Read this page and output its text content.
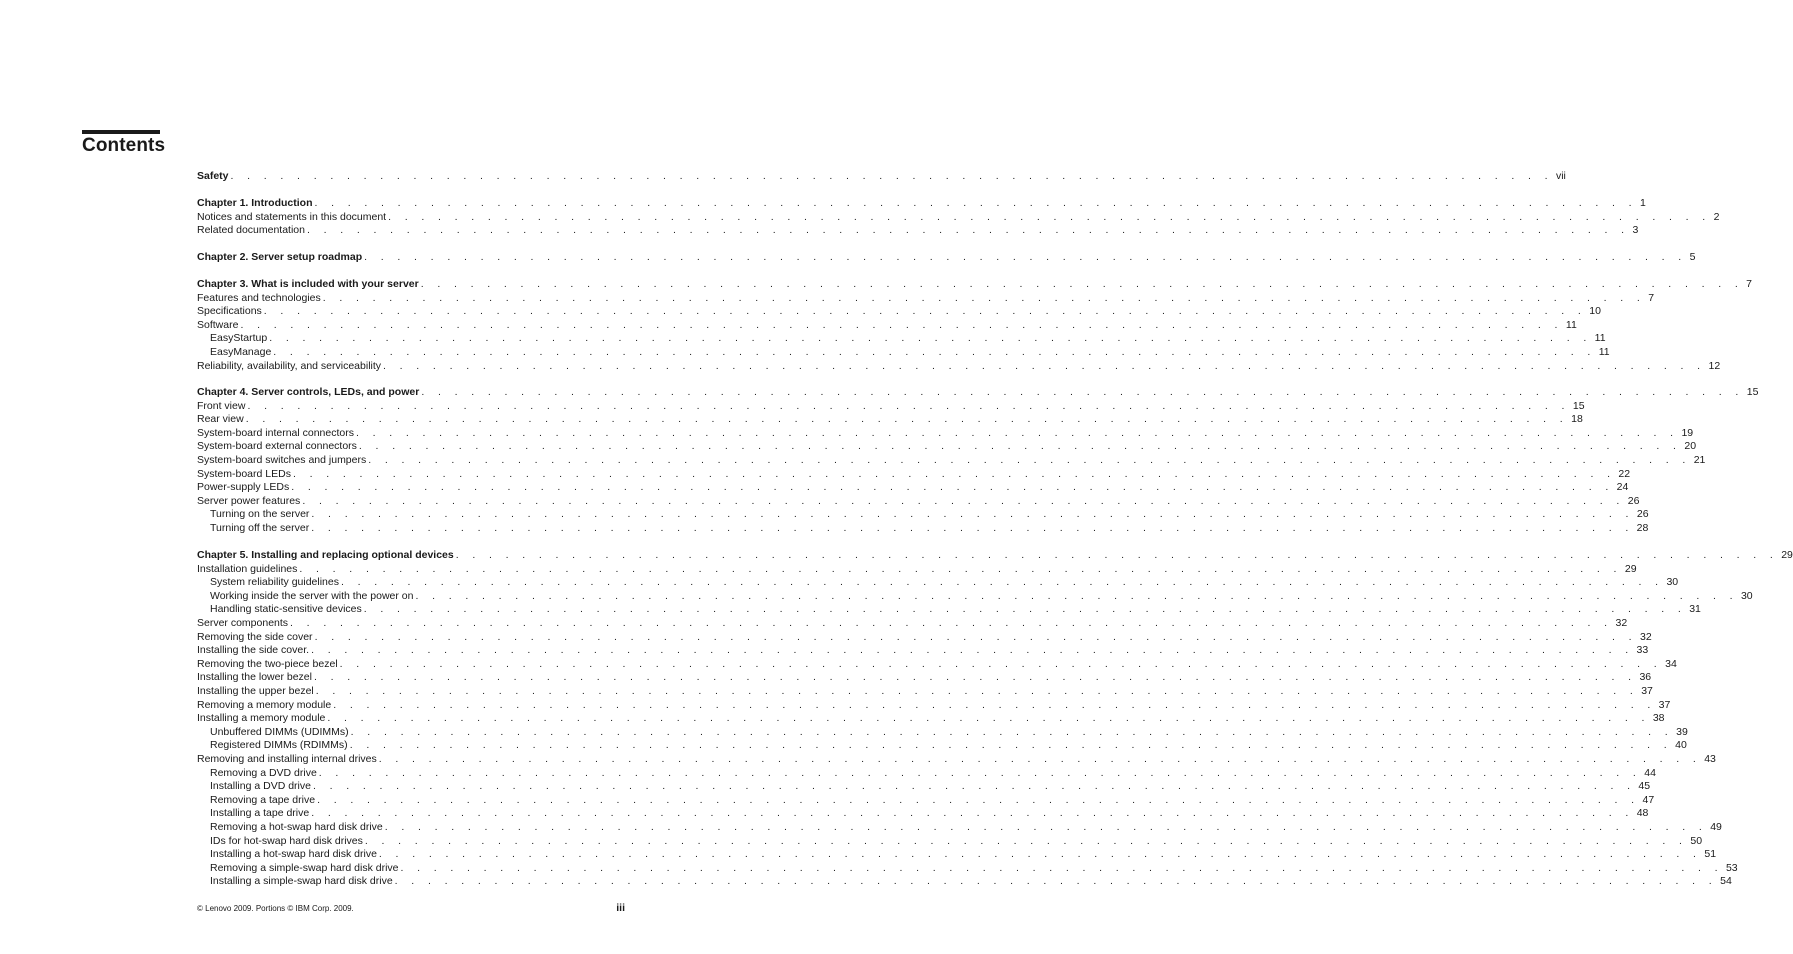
Contents
Safety . . . . . . . . . . . . . . . . . . . . . . . . . . . . . . . . . . . . . . . . . . . . . . . . . . . . . . . . . . . . . . . . . . . . . . . . . . . . . . . . vii
Chapter 1. Introduction . . . . . . . . . . . . . . . . . . . . . . . . . . . . . . . . . . . . . . . . . . . . . . . . . . . . . . . . . . . . . . . . . . . . . . . . . . . . . . . . 1
Notices and statements in this document . . . . . . . . . . . . . . . . . . . . . . . . . . . . . . . . . . . . . . . . . . . . . . . . . . . . . . . . . . . . . . . . . . . . . . . . . . . . . . . . 2
Related documentation . . . . . . . . . . . . . . . . . . . . . . . . . . . . . . . . . . . . . . . . . . . . . . . . . . . . . . . . . . . . . . . . . . . . . . . . . . . . . . . . 3
Chapter 2. Server setup roadmap . . . . . . . . . . . . . . . . . . . . . . . . . . . . . . . . . . . . . . . . . . . . . . . . . . . . . . . . . . . . . . . . . . . . . . . . . . . . . . . . 5
Chapter 3. What is included with your server . . . . . . . . . . . . . . . . . . . . . . . . . . . . . . . . . . . . . . . . . . . . . . . . . . . . . . . . . . . . . . . . . . . . . . . . . . . . . . . . 7
Features and technologies . . . . . . . . . . . . . . . . . . . . . . . . . . . . . . . . . . . . . . . . . . . . . . . . . . . . . . . . . . . . . . . . . . . . . . . . . . . . . . . . 7
Specifications . . . . . . . . . . . . . . . . . . . . . . . . . . . . . . . . . . . . . . . . . . . . . . . . . . . . . . . . . . . . . . . . . . . . . . . . . . . . . . . . 10
Software . . . . . . . . . . . . . . . . . . . . . . . . . . . . . . . . . . . . . . . . . . . . . . . . . . . . . . . . . . . . . . . . . . . . . . . . . . . . . . . . 11
EasyStartup . . . . . . . . . . . . . . . . . . . . . . . . . . . . . . . . . . . . . . . . . . . . . . . . . . . . . . . . . . . . . . . . . . . . . . . . . . . . . . . . 11
EasyManage . . . . . . . . . . . . . . . . . . . . . . . . . . . . . . . . . . . . . . . . . . . . . . . . . . . . . . . . . . . . . . . . . . . . . . . . . . . . . . . . 11
Reliability, availability, and serviceability . . . . . . . . . . . . . . . . . . . . . . . . . . . . . . . . . . . . . . . . . . . . . . . . . . . . . . . . . . . . . . . . . . . . . . . . . . . . . . . . 12
Chapter 4. Server controls, LEDs, and power . . . . . . . . . . . . . . . . . . . . . . . . . . . . . . . . . . . . . . . . . . . . . . . . . . . . . . . . . . . . . . . . . . . . . . . . . . . . . . . . 15
Front view . . . . . . . . . . . . . . . . . . . . . . . . . . . . . . . . . . . . . . . . . . . . . . . . . . . . . . . . . . . . . . . . . . . . . . . . . . . . . . . . 15
Rear view . . . . . . . . . . . . . . . . . . . . . . . . . . . . . . . . . . . . . . . . . . . . . . . . . . . . . . . . . . . . . . . . . . . . . . . . . . . . . . . . 18
System-board internal connectors . . . . . . . . . . . . . . . . . . . . . . . . . . . . . . . . . . . . . . . . . . . . . . . . . . . . . . . . . . . . . . . . . . . . . . . . . . . . . . . . 19
System-board external connectors . . . . . . . . . . . . . . . . . . . . . . . . . . . . . . . . . . . . . . . . . . . . . . . . . . . . . . . . . . . . . . . . . . . . . . . . . . . . . . . . 20
System-board switches and jumpers . . . . . . . . . . . . . . . . . . . . . . . . . . . . . . . . . . . . . . . . . . . . . . . . . . . . . . . . . . . . . . . . . . . . . . . . . . . . . . . . 21
System-board LEDs . . . . . . . . . . . . . . . . . . . . . . . . . . . . . . . . . . . . . . . . . . . . . . . . . . . . . . . . . . . . . . . . . . . . . . . . . . . . . . . . 22
Power-supply LEDs . . . . . . . . . . . . . . . . . . . . . . . . . . . . . . . . . . . . . . . . . . . . . . . . . . . . . . . . . . . . . . . . . . . . . . . . . . . . . . . . 24
Server power features . . . . . . . . . . . . . . . . . . . . . . . . . . . . . . . . . . . . . . . . . . . . . . . . . . . . . . . . . . . . . . . . . . . . . . . . . . . . . . . . 26
Turning on the server . . . . . . . . . . . . . . . . . . . . . . . . . . . . . . . . . . . . . . . . . . . . . . . . . . . . . . . . . . . . . . . . . . . . . . . . . . . . . . . . 26
Turning off the server . . . . . . . . . . . . . . . . . . . . . . . . . . . . . . . . . . . . . . . . . . . . . . . . . . . . . . . . . . . . . . . . . . . . . . . . . . . . . . . . 28
Chapter 5. Installing and replacing optional devices . . . . . . . . . . . . . . . . . . . . . . . . . . . . . . . . . . . . . . . . . . . . . . . . . . . . . . . . . . . . . . . . . . . . . . . . . . . . . . . . 29
Installation guidelines . . . . . . . . . . . . . . . . . . . . . . . . . . . . . . . . . . . . . . . . . . . . . . . . . . . . . . . . . . . . . . . . . . . . . . . . . . . . . . . . 29
System reliability guidelines . . . . . . . . . . . . . . . . . . . . . . . . . . . . . . . . . . . . . . . . . . . . . . . . . . . . . . . . . . . . . . . . . . . . . . . . . . . . . . . . 30
Working inside the server with the power on . . . . . . . . . . . . . . . . . . . . . . . . . . . . . . . . . . . . . . . . . . . . . . . . . . . . . . . . . . . . . . . . . . . . . . . . . . . . . . . . 30
Handling static-sensitive devices . . . . . . . . . . . . . . . . . . . . . . . . . . . . . . . . . . . . . . . . . . . . . . . . . . . . . . . . . . . . . . . . . . . . . . . . . . . . . . . . 31
Server components . . . . . . . . . . . . . . . . . . . . . . . . . . . . . . . . . . . . . . . . . . . . . . . . . . . . . . . . . . . . . . . . . . . . . . . . . . . . . . . . 32
Removing the side cover . . . . . . . . . . . . . . . . . . . . . . . . . . . . . . . . . . . . . . . . . . . . . . . . . . . . . . . . . . . . . . . . . . . . . . . . . . . . . . . . 32
Installing the side cover. . . . . . . . . . . . . . . . . . . . . . . . . . . . . . . . . . . . . . . . . . . . . . . . . . . . . . . . . . . . . . . . . . . . . . . . . . . . . . . . . 33
Removing the two-piece bezel . . . . . . . . . . . . . . . . . . . . . . . . . . . . . . . . . . . . . . . . . . . . . . . . . . . . . . . . . . . . . . . . . . . . . . . . . . . . . . . . 34
Installing the lower bezel . . . . . . . . . . . . . . . . . . . . . . . . . . . . . . . . . . . . . . . . . . . . . . . . . . . . . . . . . . . . . . . . . . . . . . . . . . . . . . . . 36
Installing the upper bezel . . . . . . . . . . . . . . . . . . . . . . . . . . . . . . . . . . . . . . . . . . . . . . . . . . . . . . . . . . . . . . . . . . . . . . . . . . . . . . . . 37
Removing a memory module . . . . . . . . . . . . . . . . . . . . . . . . . . . . . . . . . . . . . . . . . . . . . . . . . . . . . . . . . . . . . . . . . . . . . . . . . . . . . . . . 37
Installing a memory module . . . . . . . . . . . . . . . . . . . . . . . . . . . . . . . . . . . . . . . . . . . . . . . . . . . . . . . . . . . . . . . . . . . . . . . . . . . . . . . . 38
Unbuffered DIMMs (UDIMMs) . . . . . . . . . . . . . . . . . . . . . . . . . . . . . . . . . . . . . . . . . . . . . . . . . . . . . . . . . . . . . . . . . . . . . . . . . . . . . . . . 39
Registered DIMMs (RDIMMs) . . . . . . . . . . . . . . . . . . . . . . . . . . . . . . . . . . . . . . . . . . . . . . . . . . . . . . . . . . . . . . . . . . . . . . . . . . . . . . . . 40
Removing and installing internal drives . . . . . . . . . . . . . . . . . . . . . . . . . . . . . . . . . . . . . . . . . . . . . . . . . . . . . . . . . . . . . . . . . . . . . . . . . . . . . . . . 43
Removing a DVD drive . . . . . . . . . . . . . . . . . . . . . . . . . . . . . . . . . . . . . . . . . . . . . . . . . . . . . . . . . . . . . . . . . . . . . . . . . . . . . . . . 44
Installing a DVD drive . . . . . . . . . . . . . . . . . . . . . . . . . . . . . . . . . . . . . . . . . . . . . . . . . . . . . . . . . . . . . . . . . . . . . . . . . . . . . . . . 45
Removing a tape drive . . . . . . . . . . . . . . . . . . . . . . . . . . . . . . . . . . . . . . . . . . . . . . . . . . . . . . . . . . . . . . . . . . . . . . . . . . . . . . . . 47
Installing a tape drive . . . . . . . . . . . . . . . . . . . . . . . . . . . . . . . . . . . . . . . . . . . . . . . . . . . . . . . . . . . . . . . . . . . . . . . . . . . . . . . . 48
Removing a hot-swap hard disk drive . . . . . . . . . . . . . . . . . . . . . . . . . . . . . . . . . . . . . . . . . . . . . . . . . . . . . . . . . . . . . . . . . . . . . . . . . . . . . . . . 49
IDs for hot-swap hard disk drives . . . . . . . . . . . . . . . . . . . . . . . . . . . . . . . . . . . . . . . . . . . . . . . . . . . . . . . . . . . . . . . . . . . . . . . . . . . . . . . . 50
Installing a hot-swap hard disk drive . . . . . . . . . . . . . . . . . . . . . . . . . . . . . . . . . . . . . . . . . . . . . . . . . . . . . . . . . . . . . . . . . . . . . . . . . . . . . . . . 51
Removing a simple-swap hard disk drive . . . . . . . . . . . . . . . . . . . . . . . . . . . . . . . . . . . . . . . . . . . . . . . . . . . . . . . . . . . . . . . . . . . . . . . . . . . . . . . . 53
Installing a simple-swap hard disk drive . . . . . . . . . . . . . . . . . . . . . . . . . . . . . . . . . . . . . . . . . . . . . . . . . . . . . . . . . . . . . . . . . . . . . . . . . . . . . . . . 54
© Lenovo 2009. Portions © IBM Corp. 2009.	iii
